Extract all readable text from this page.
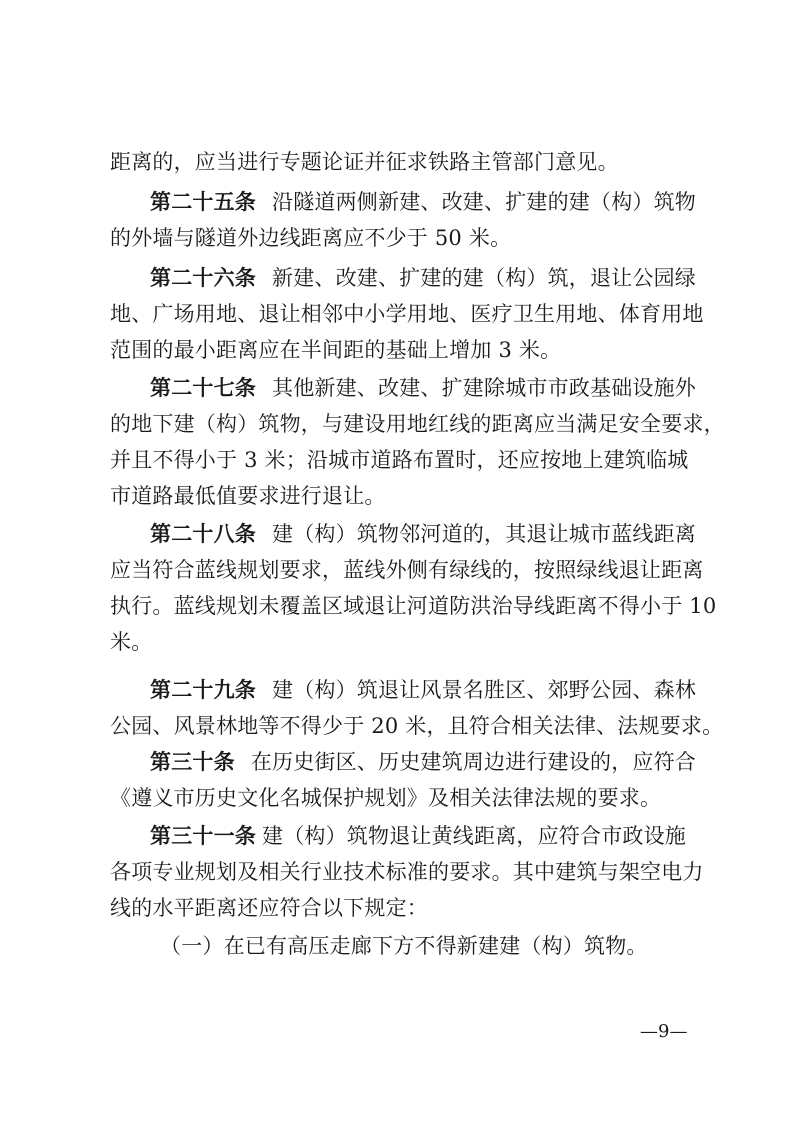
距离的，应当进行专题论证并征求铁路主管部门意见。
第二十五条 沿隧道两侧新建、改建、扩建的建（构）筑物
的外墙与隧道外边线距离应不少于 50 米。
第二十六条 新建、改建、扩建的建（构）筑，退让公园绿
地、广场用地、退让相邻中小学用地、医疗卫生用地、体育用地
范围的最小距离应在半间距的基础上增加 3 米。
第二十七条 其他新建、改建、扩建除城市市政基础设施外
的地下建（构）筑物，与建设用地红线的距离应当满足安全要求，
并且不得小于 3 米；沿城市道路布置时，还应按地上建筑临城
市道路最低值要求进行退让。
第二十八条 建（构）筑物邻河道的，其退让城市蓝线距离
应当符合蓝线规划要求，蓝线外侧有绿线的，按照绿线退让距离
执行。蓝线规划未覆盖区域退让河道防洪治导线距离不得小于 10
米。
第二十九条 建（构）筑退让风景名胜区、郊野公园、森林
公园、风景林地等不得少于 20 米，且符合相关法律、法规要求。
第三十条 在历史街区、历史建筑周边进行建设的，应符合
《遵义市历史文化名城保护规划》及相关法律法规的要求。
第三十一条 建（构）筑物退让黄线距离，应符合市政设施
各项专业规划及相关行业技术标准的要求。其中建筑与架空电力
线的水平距离还应符合以下规定：
（一）在已有高压走廊下方不得新建建（构）筑物。
—9—
